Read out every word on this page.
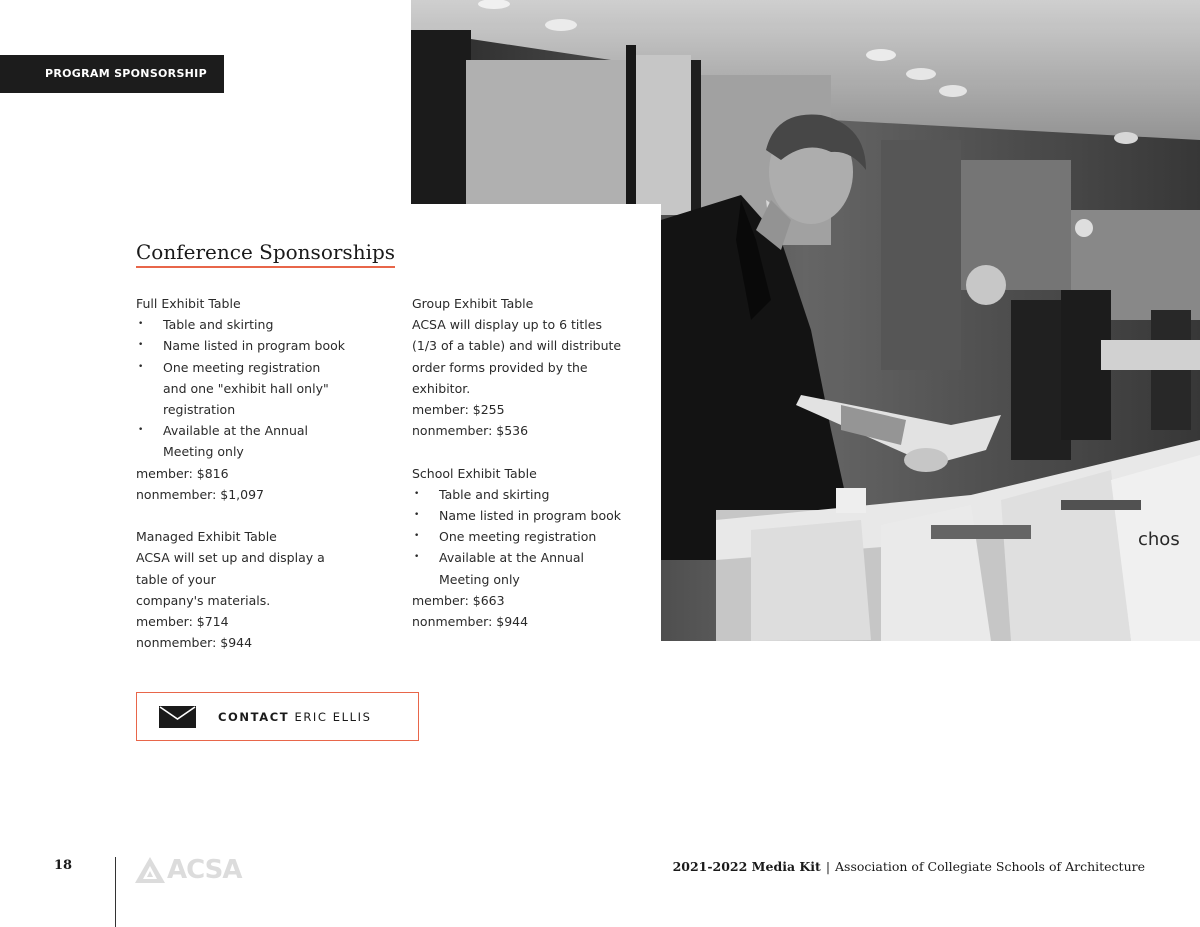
chos
PROGRAM SPONSORSHIP
Conference Sponsorships

Full Exhibit Table

• Table and skirting
• Name listed in program book
• One meeting registration
and one "exhibit hall only"
registration
• Available at the Annual
Meeting only

member: $816

nonmember: $1,097

Managed Exhibit Table

ACSA will set up and display a

table of your

company's materials.

member: $714

nonmember: $944

Group Exhibit Table

ACSA will display up to 6 titles

(1/3 of a table) and will distribute

order forms provided by the

exhibitor.

member: $255

nonmember: $536

School Exhibit Table

• Table and skirting
• Name listed in program book
• One meeting registration
• Available at the Annual
Meeting only

member: $663

nonmember: $944

CONTACT ERIC ELLIS
18	ACSA	2021-2022 Media Kit | Association of Collegiate Schools of Architecture
